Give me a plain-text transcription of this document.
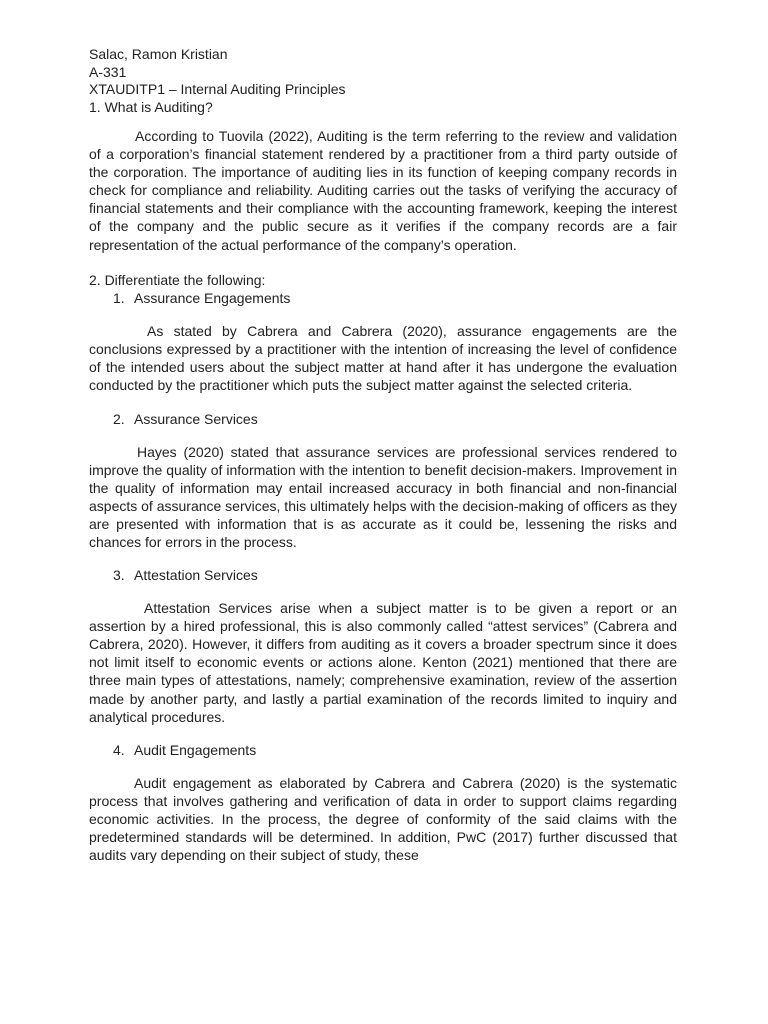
Salac, Ramon Kristian

A-331

XTAUDITP1 – Internal Auditing Principles

1. What is Auditing?

According to Tuovila (2022), Auditing is the term referring to the review and validation of a corporation’s financial statement rendered by a practitioner from a third party outside of the corporation. The importance of auditing lies in its function of keeping company records in check for compliance and reliability. Auditing carries out the tasks of verifying the accuracy of financial statements and their compliance with the accounting framework, keeping the interest of the company and the public secure as it verifies if the company records are a fair representation of the actual performance of the company’s operation.

2. Differentiate the following:

1. Assurance Engagements

As stated by Cabrera and Cabrera (2020), assurance engagements are the conclusions expressed by a practitioner with the intention of increasing the level of confidence of the intended users about the subject matter at hand after it has undergone the evaluation conducted by the practitioner which puts the subject matter against the selected criteria.

2. Assurance Services

Hayes (2020) stated that assurance services are professional services rendered to improve the quality of information with the intention to benefit decision-makers. Improvement in the quality of information may entail increased accuracy in both financial and non-financial aspects of assurance services, this ultimately helps with the decision-making of officers as they are presented with information that is as accurate as it could be, lessening the risks and chances for errors in the process.

3. Attestation Services

Attestation Services arise when a subject matter is to be given a report or an assertion by a hired professional, this is also commonly called “attest services” (Cabrera and Cabrera, 2020). However, it differs from auditing as it covers a broader spectrum since it does not limit itself to economic events or actions alone. Kenton (2021) mentioned that there are three main types of attestations, namely; comprehensive examination, review of the assertion made by another party, and lastly a partial examination of the records limited to inquiry and analytical procedures.

4. Audit Engagements

Audit engagement as elaborated by Cabrera and Cabrera (2020) is the systematic process that involves gathering and verification of data in order to support claims regarding economic activities. In the process, the degree of conformity of the said claims with the predetermined standards will be determined. In addition, PwC (2017) further discussed that audits vary depending on their subject of study, these
